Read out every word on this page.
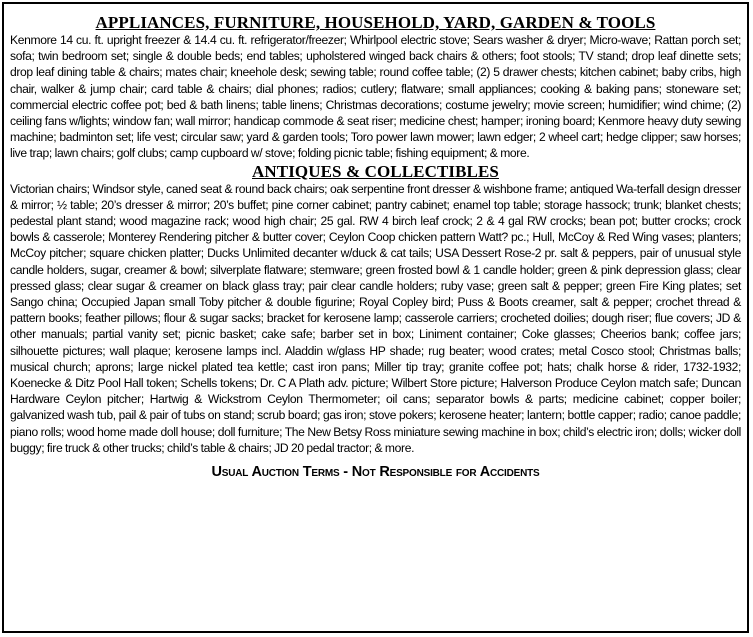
APPLIANCES, FURNITURE, HOUSEHOLD, YARD, GARDEN & TOOLS

Kenmore 14 cu. ft. upright freezer & 14.4 cu. ft. refrigerator/freezer; Whirlpool electric stove; Sears washer & dryer; Micro-wave; Rattan porch set; sofa; twin bedroom set; single & double beds; end tables; upholstered winged back chairs & others; foot stools; TV stand; drop leaf dinette sets; drop leaf dining table & chairs; mates chair; kneehole desk; sewing table; round coffee table; (2) 5 drawer chests; kitchen cabinet; baby cribs, high chair, walker & jump chair; card table & chairs; dial phones; radios; cutlery; flatware; small appliances; cooking & baking pans; stoneware set; commercial electric coffee pot; bed & bath linens; table linens; Christmas decorations; costume jewelry; movie screen; humidifier; wind chime; (2) ceiling fans w/lights; window fan; wall mirror; handicap commode & seat riser; medicine chest; hamper; ironing board; Kenmore heavy duty sewing machine; badminton set; life vest; circular saw; yard & garden tools; Toro power lawn mower; lawn edger; 2 wheel cart; hedge clipper; saw horses; live trap; lawn chairs; golf clubs; camp cupboard w/ stove; folding picnic table; fishing equipment; & more.

ANTIQUES & COLLECTIBLES

Victorian chairs; Windsor style, caned seat & round back chairs; oak serpentine front dresser & wishbone frame; antiqued Wa-terfall design dresser & mirror; ½ table; 20’s dresser & mirror; 20’s buffet; pine corner cabinet; pantry cabinet; enamel top table; storage hassock; trunk; blanket chests; pedestal plant stand; wood magazine rack; wood high chair; 25 gal. RW 4 birch leaf crock; 2 & 4 gal RW crocks; bean pot; butter crocks; crock bowls & casserole; Monterey Rendering pitcher & butter cover; Ceylon Coop chicken pattern Watt? pc.; Hull, McCoy & Red Wing vases; planters; McCoy pitcher; square chicken platter; Ducks Unlimited decanter w/duck & cat tails; USA Dessert Rose-2 pr. salt & peppers, pair of unusual style candle holders, sugar, creamer & bowl; silverplate flatware; stemware; green frosted bowl & 1 candle holder; green & pink depression glass; clear pressed glass; clear sugar & creamer on black glass tray; pair clear candle holders; ruby vase; green salt & pepper; green Fire King plates; set Sango china; Occupied Japan small Toby pitcher & double figurine; Royal Copley bird; Puss & Boots creamer, salt & pepper; crochet thread & pattern books; feather pillows; flour & sugar sacks; bracket for kerosene lamp; casserole carriers; crocheted doilies; dough riser; flue covers; JD & other manuals; partial vanity set; picnic basket; cake safe; barber set in box; Liniment container; Coke glasses; Cheerios bank; coffee jars; silhouette pictures; wall plaque; kerosene lamps incl. Aladdin w/glass HP shade; rug beater; wood crates; metal Cosco stool; Christmas balls; musical church; aprons; large nickel plated tea kettle; cast iron pans; Miller tip tray; granite coffee pot; hats; chalk horse & rider, 1732-1932; Koenecke & Ditz Pool Hall token; Schells tokens; Dr. C A Plath adv. picture; Wilbert Store picture; Halverson Produce Ceylon match safe; Duncan Hardware Ceylon pitcher; Hartwig & Wickstrom Ceylon Thermometer; oil cans; separator bowls & parts; medicine cabinet; copper boiler; galvanized wash tub, pail & pair of tubs on stand; scrub board; gas iron; stove pokers; kerosene heater; lantern; bottle capper; radio; canoe paddle; piano rolls; wood home made doll house; doll furniture; The New Betsy Ross miniature sewing machine in box; child’s electric iron; dolls; wicker doll buggy; fire truck & other trucks; child’s table & chairs; JD 20 pedal tractor; & more.

Usual Auction Terms - Not Responsible for Accidents
